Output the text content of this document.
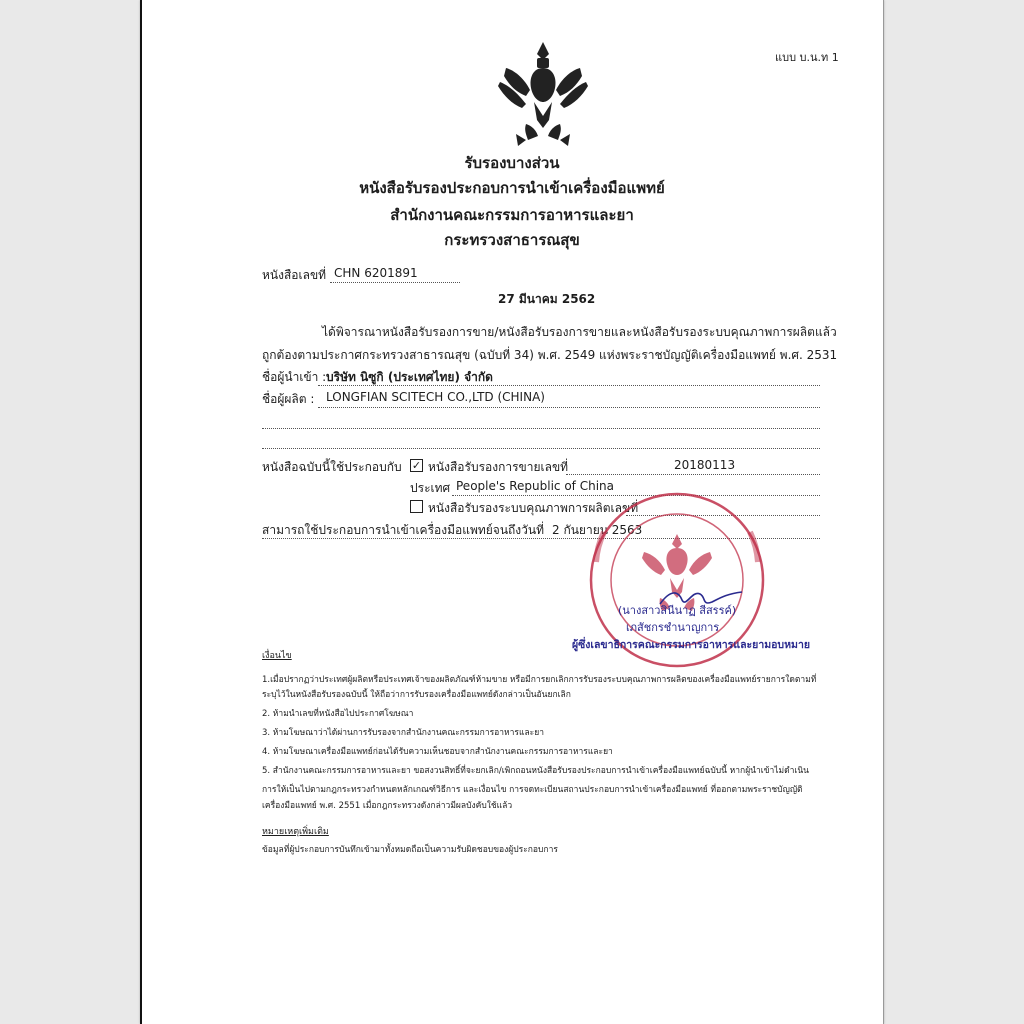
แบบ บ.น.ท 1
รับรองบางส่วน
หนังสือรับรองประกอบการนำเข้าเครื่องมือแพทย์
สำนักงานคณะกรรมการอาหารและยา
กระทรวงสาธารณสุข
หนังสือเลขที่ CHN 6201891
27 มีนาคม 2562
ได้พิจารณาหนังสือรับรองการขาย/หนังสือรับรองการขายและหนังสือรับรองระบบคุณภาพการผลิตแล้ว
ถูกต้องตามประกาศกระทรวงสาธารณสุข (ฉบับที่ 34) พ.ศ. 2549 แห่งพระราชบัญญัติเครื่องมือแพทย์ พ.ศ. 2531
ชื่อผู้นำเข้า : บริษัท นิซูกิ (ประเทศไทย) จำกัด
ชื่อผู้ผลิต : LONGFIAN SCITECH CO.,LTD (CHINA)
หนังสือฉบับนี้ใช้ประกอบกับ ✓ หนังสือรับรองการขายเลขที่	20180113
ประเทศ People's Republic of China
หนังสือรับรองระบบคุณภาพการผลิตเลขที่
สามารถใช้ประกอบการนำเข้าเครื่องมือแพทย์จนถึงวันที่ 2 กันยายน 2563
(นางสาวสินีนาฏ สีสรรค์)
เภสัชกรชำนาญการ
ผู้ซึ่งเลขาธิการคณะกรรมการอาหารและยามอบหมาย
เงื่อนไข
1.เมื่อปรากฏว่าประเทศผู้ผลิตหรือประเทศเจ้าของผลิตภัณฑ์ห้ามขาย หรือมีการยกเลิกการรับรองระบบคุณภาพการผลิตของเครื่องมือแพทย์รายการใดตามที่
ระบุไว้ในหนังสือรับรองฉบับนี้ ให้ถือว่าการรับรองเครื่องมือแพทย์ดังกล่าวเป็นอันยกเลิก
2. ห้ามนำเลขที่หนังสือไปประกาศโฆษณา
3. ห้ามโฆษณาว่าได้ผ่านการรับรองจากสำนักงานคณะกรรมการอาหารและยา
4. ห้ามโฆษณาเครื่องมือแพทย์ก่อนได้รับความเห็นชอบจากสำนักงานคณะกรรมการอาหารและยา
5. สำนักงานคณะกรรมการอาหารและยา ขอสงวนสิทธิ์ที่จะยกเลิก/เพิกถอนหนังสือรับรองประกอบการนำเข้าเครื่องมือแพทย์ฉบับนี้ หากผู้นำเข้าไม่ดำเนิน
การให้เป็นไปตามกฎกระทรวงกำหนดหลักเกณฑ์วิธีการ และเงื่อนไข การจดทะเบียนสถานประกอบการนำเข้าเครื่องมือแพทย์ ที่ออกตามพระราชบัญญัติ
เครื่องมือแพทย์ พ.ศ. 2551 เมื่อกฎกระทรวงดังกล่าวมีผลบังคับใช้แล้ว
หมายเหตุเพิ่มเติม
ข้อมูลที่ผู้ประกอบการบันทึกเข้ามาทั้งหมดถือเป็นความรับผิดชอบของผู้ประกอบการ
